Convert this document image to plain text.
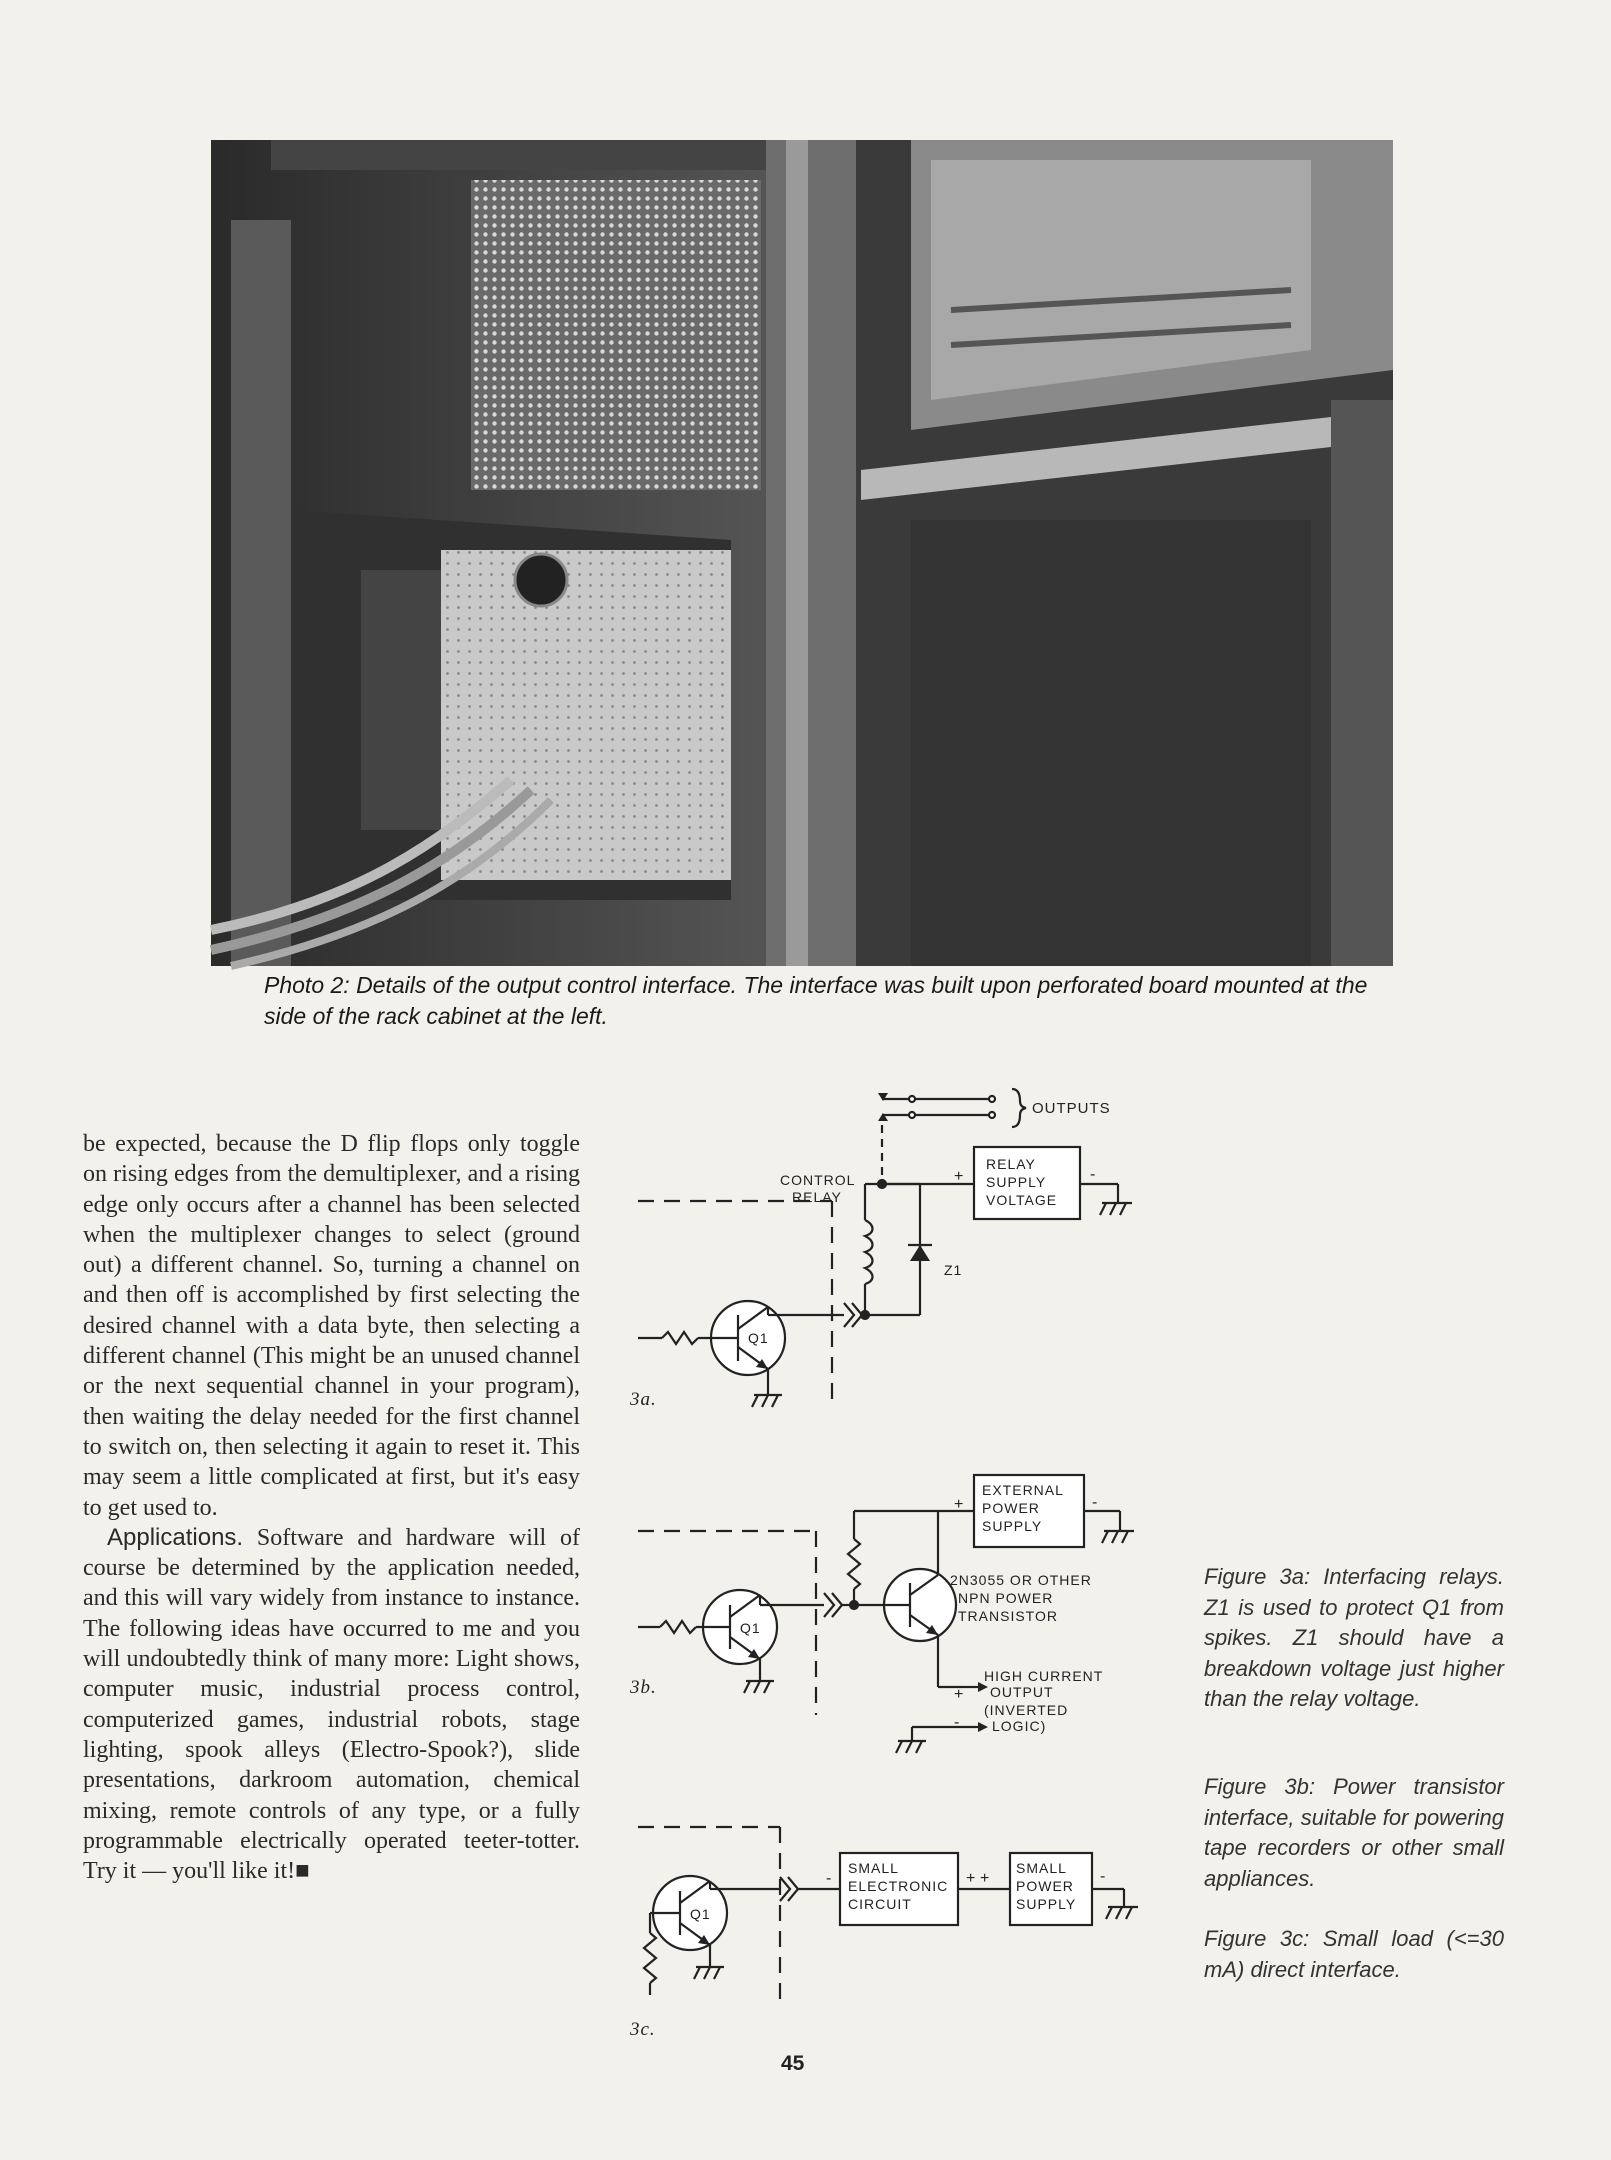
Photo 2: Details of the output control interface. The interface was built upon perforated board mounted at the side of the rack cabinet at the left.

be expected, because the D flip flops only toggle on rising edges from the demultiplexer, and a rising edge only occurs after a channel has been selected when the multiplexer changes to select (ground out) a different channel. So, turning a channel on and then off is accomplished by first selecting the desired channel with a data byte, then selecting a different channel (This might be an unused channel or the next sequential channel in your program), then waiting the delay needed for the first channel to switch on, then selecting it again to reset it. This may seem a little complicated at first, but it's easy to get used to.

Applications. Software and hardware will of course be determined by the application needed, and this will vary widely from instance to instance. The following ideas have occurred to me and you will undoubtedly think of many more: Light shows, computer music, industrial process control, computerized games, industrial robots, stage lighting, spook alleys (Electro-Spook?), slide presentations, darkroom automation, chemical mixing, remote controls of any type, or a fully programmable electrically operated teeter-totter. Try it — you'll like it!■

OUTPUTS
CONTROL
RELAY
RELAY
SUPPLY
VOLTAGE
+	-
Z1
Q1
3a.
EXTERNAL
POWER
SUPPLY
+	-
2N3055 OR OTHER
NPN POWER
TRANSISTOR
+
HIGH CURRENT
OUTPUT
(INVERTED
LOGIC)
-
Q1
3b.
SMALL
ELECTRONIC
CIRCUIT
-	+ +
SMALL
POWER
SUPPLY
-
Q1
3c.
Figure 3a: Interfacing relays. Z1 is used to protect Q1 from spikes. Z1 should have a breakdown voltage just higher than the relay voltage.
Figure 3b: Power transistor interface, suitable for powering tape recorders or other small appliances.
Figure 3c: Small load (<=30 mA) direct interface.
45
